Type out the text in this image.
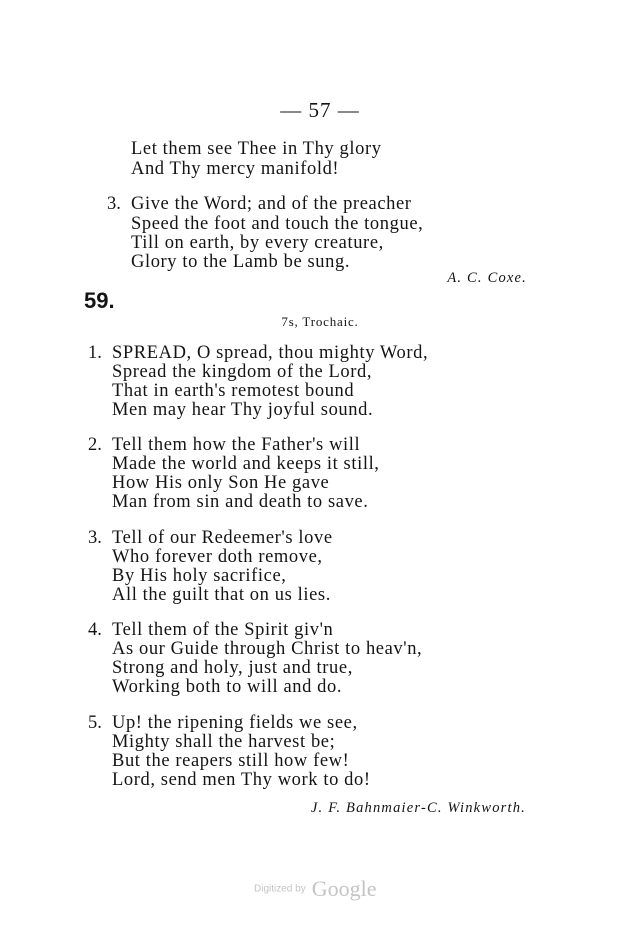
— 57 —
Let them see Thee in Thy glory
And Thy mercy manifold!
3. Give the Word; and of the preacher
Speed the foot and touch the tongue,
Till on earth, by every creature,
Glory to the Lamb be sung.
A. C. Coxe.
59.
7s, Trochaic.
1. SPREAD, O spread, thou mighty Word,
Spread the kingdom of the Lord,
That in earth's remotest bound
Men may hear Thy joyful sound.
2. Tell them how the Father's will
Made the world and keeps it still,
How His only Son He gave
Man from sin and death to save.
3. Tell of our Redeemer's love
Who forever doth remove,
By His holy sacrifice,
All the guilt that on us lies.
4. Tell them of the Spirit giv'n
As our Guide through Christ to heav'n,
Strong and holy, just and true,
Working both to will and do.
5. Up! the ripening fields we see,
Mighty shall the harvest be;
But the reapers still how few!
Lord, send men Thy work to do!
J. F. Bahnmaier-C. Winkworth.
Digitized by Google
